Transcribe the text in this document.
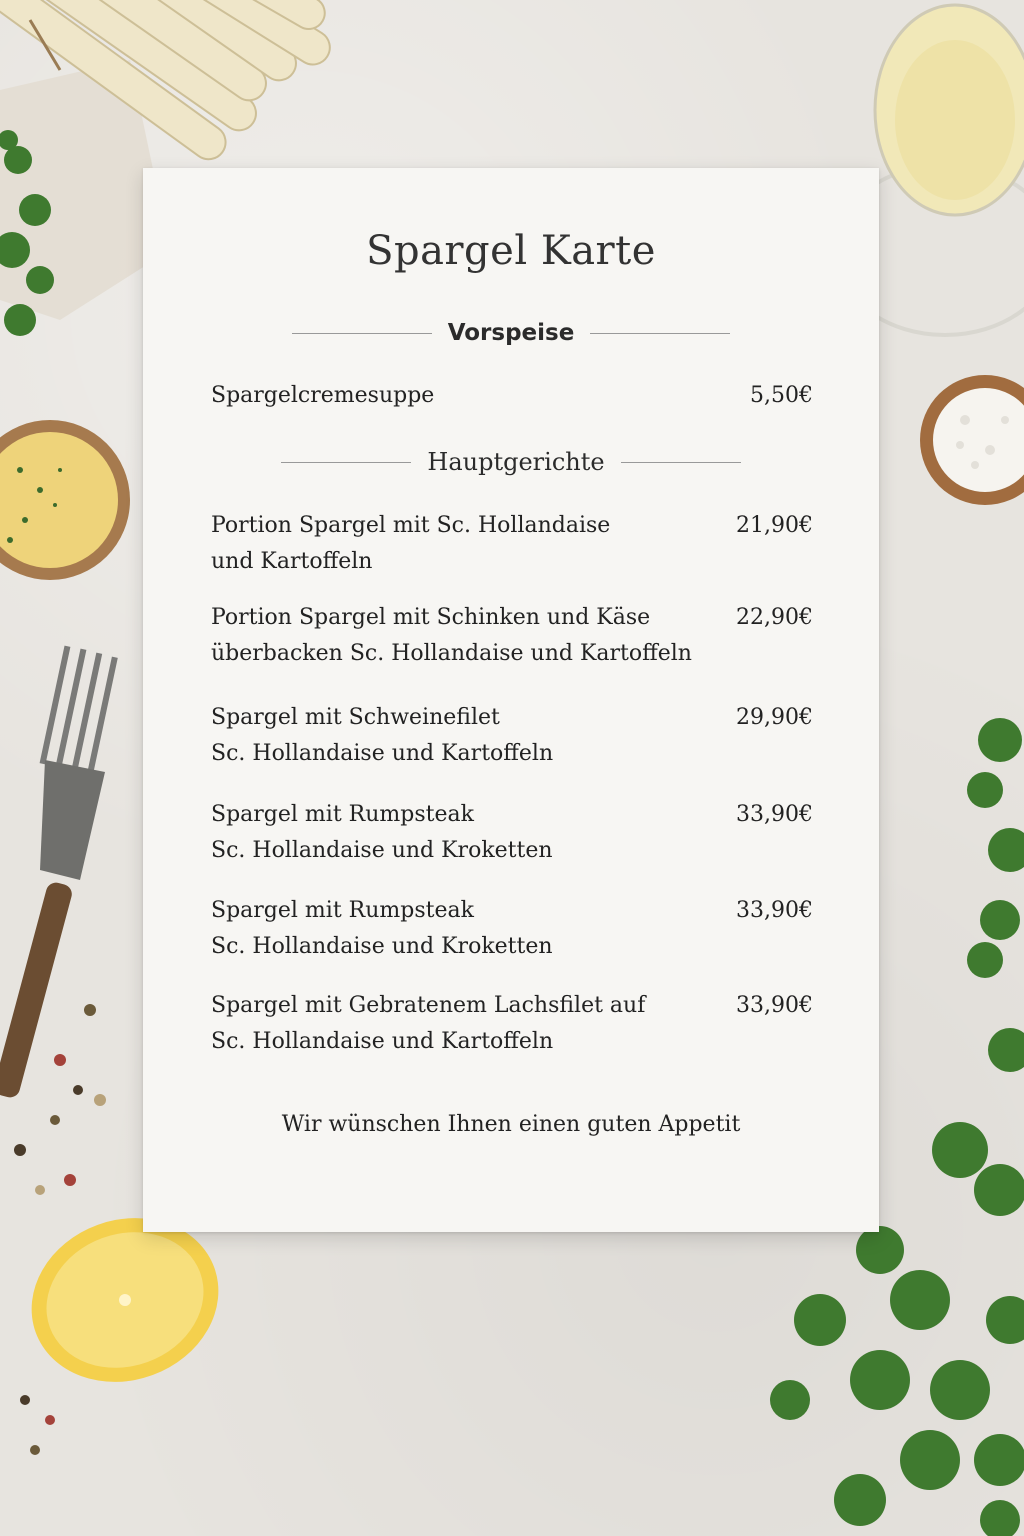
Spargel Karte
Vorspeise
Spargelcremesuppe	5,50€
Hauptgerichte
Portion Spargel mit Sc. Hollandaise
und Kartoffeln
21,90€
Portion Spargel mit Schinken und Käse
überbacken Sc. Hollandaise und Kartoffeln
22,90€
Spargel mit Schweinefilet
Sc. Hollandaise und Kartoffeln
29,90€
Spargel mit Rumpsteak
Sc. Hollandaise und Kroketten
33,90€
Spargel mit Rumpsteak
Sc. Hollandaise und Kroketten
33,90€
Spargel mit Gebratenem Lachsfilet auf
Sc. Hollandaise und Kartoffeln
33,90€
Wir wünschen Ihnen einen guten Appetit
